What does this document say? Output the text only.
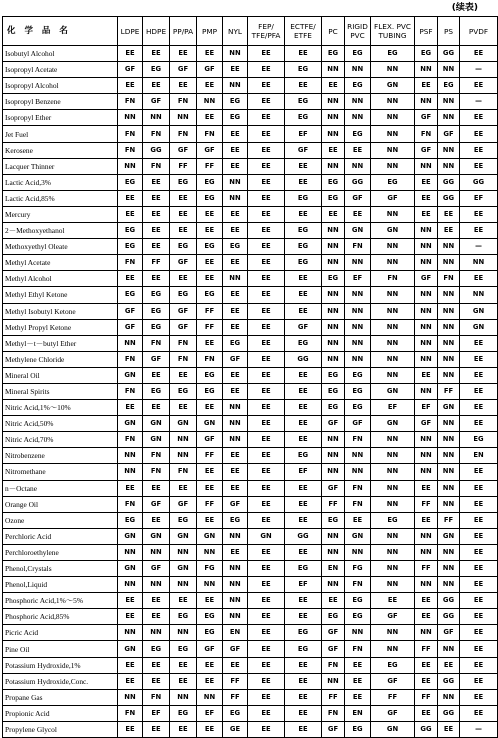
(续表)
化 学 品 名	LDPE	HDPE	PP/PA	PMP	NYL	FEP/ TFE/PFA	ECTFE/ ETFE	PC	RIGID PVC	FLEX. PVC TUBING	PSF	PS	PVDF
Isobutyl Alcohol	EE	EE	EE	EE	NN	EE	EE	EG	EG	EG	EG	GG	EE
Isopropyl Acetate	GF	EG	GF	GF	EE	EE	EG	NN	NN	NN	NN	NN	—
Isopropyl Alcohol	EE	EE	EE	EE	NN	EE	EE	EE	EG	GN	EE	EG	EE
Isopropyl Benzene	FN	GF	FN	NN	EG	EE	EG	NN	NN	NN	NN	NN	—
Isopropyl Ether	NN	NN	NN	EE	EG	EE	EG	NN	NN	NN	GF	NN	EE
Jet Fuel	FN	FN	FN	FN	EE	EE	EF	NN	EG	NN	FN	GF	EE
Kerosene	FN	GG	GF	GF	EE	EE	GF	EE	EE	NN	GF	NN	EE
Lacquer Thinner	NN	FN	FF	FF	EE	EE	EE	NN	NN	NN	NN	NN	EE
Lactic Acid,3%	EG	EE	EG	EG	NN	EE	EE	EG	GG	EG	EE	GG	GG
Lactic Acid,85%	EE	EE	EE	EG	NN	EE	EG	EG	GF	GF	EE	GG	EF
Mercury	EE	EE	EE	EE	EE	EE	EE	EE	EE	NN	EE	EE	EE
2－Methoxyethanol	EG	EE	EE	EE	EE	EE	EG	NN	GN	GN	NN	EE	EE
Methoxyethyl Oleate	EG	EE	EG	EG	EG	EE	EG	NN	FN	NN	NN	NN	—
Methyl Acetate	FN	FF	GF	EE	EE	EE	EG	NN	NN	NN	NN	NN	NN
Methyl Alcohol	EE	EE	EE	EE	NN	EE	EE	EG	EF	FN	GF	FN	EE
Methyl Ethyl Ketone	EG	EG	EG	EG	EE	EE	EE	NN	NN	NN	NN	NN	NN
Methyl Isobutyl Ketone	GF	EG	GF	FF	EE	EE	EE	NN	NN	NN	NN	NN	GN
Methyl Propyl Ketone	GF	EG	GF	FF	EE	EE	GF	NN	NN	NN	NN	NN	GN
Methyl－t－butyl Ether	NN	FN	FN	EE	EG	EE	EG	NN	NN	NN	NN	NN	EE
Methylene Chloride	FN	GF	FN	FN	GF	EE	GG	NN	NN	NN	NN	NN	EE
Mineral Oil	GN	EE	EE	EG	EE	EE	EE	EG	EG	NN	EE	NN	EE
Mineral Spirits	FN	EG	EG	EG	EE	EE	EE	EG	EG	GN	NN	FF	EE
Nitric Acid,1%～10%	EE	EE	EE	EE	NN	EE	EE	EG	EG	EF	EF	GN	EE
Nitric Acid,50%	GN	GN	GN	GN	NN	EE	EE	GF	GF	GN	GF	NN	EE
Nitric Acid,70%	FN	GN	NN	GF	NN	EE	EE	NN	FN	NN	NN	NN	EG
Nitrobenzene	NN	FN	NN	FF	EE	EE	EG	NN	NN	NN	NN	NN	EN
Nitromethane	NN	FN	FN	EE	EE	EE	EF	NN	NN	NN	NN	NN	EE
n－Octane	EE	EE	EE	EE	EE	EE	EE	GF	FN	NN	EE	NN	EE
Orange Oil	FN	GF	GF	FF	GF	EE	EE	FF	FN	NN	FF	NN	EE
Ozone	EG	EE	EG	EE	EG	EE	EE	EG	EE	EG	EE	FF	EE
Perchloric Acid	GN	GN	GN	GN	NN	GN	GG	NN	GN	NN	NN	GN	EE
Perchloroethylene	NN	NN	NN	NN	EE	EE	EE	NN	NN	NN	NN	NN	EE
Phenol,Crystals	GN	GF	GN	FG	NN	EE	EG	EN	FG	NN	FF	NN	EE
Phenol,Liquid	NN	NN	NN	NN	NN	EE	EF	NN	FN	NN	NN	NN	EE
Phosphoric Acid,1%～5%	EE	EE	EE	EE	NN	EE	EE	EE	EG	EE	EE	GG	EE
Phosphoric Acid,85%	EE	EE	EG	EG	NN	EE	EE	EG	EG	GF	EE	GG	EE
Picric Acid	NN	NN	NN	EG	EN	EE	EG	GF	NN	NN	NN	GF	EE
Pine Oil	GN	EG	EG	GF	GF	EE	EG	GF	FN	NN	FF	NN	EE
Potassium Hydroxide,1%	EE	EE	EE	EE	EE	EE	EE	FN	EE	EG	EE	EE	EE
Potassium Hydroxide,Conc.	EE	EE	EE	EE	FF	EE	EE	NN	EE	GF	EE	GG	EE
Propane Gas	NN	FN	NN	NN	FF	EE	EE	FF	EE	FF	FF	NN	EE
Propionic Acid	FN	EF	EG	EF	EG	EE	EE	FN	EN	GF	EE	GG	EE
Propylene Glycol	EE	EE	EE	EE	GE	EE	EE	GF	EG	GN	GG	EE	—
